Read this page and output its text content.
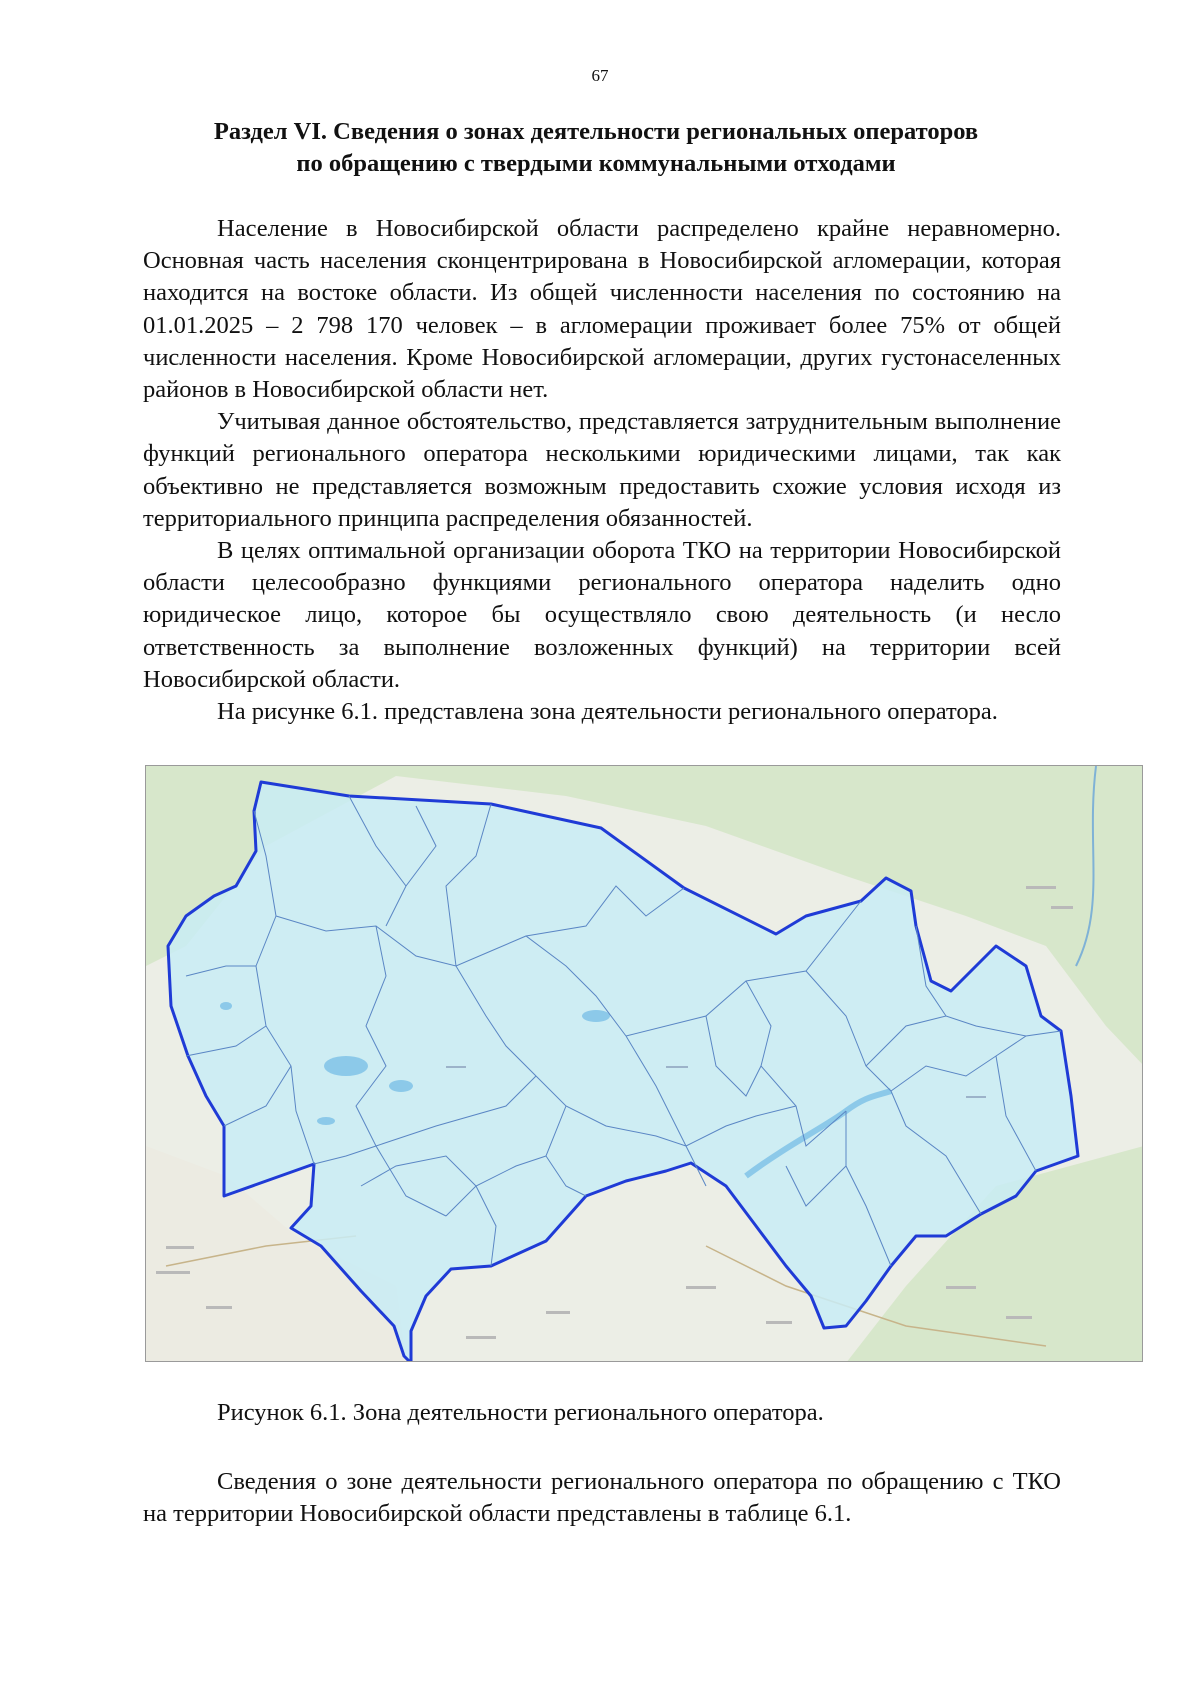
67
Раздел VI. Сведения о зонах деятельности региональных операторов
по обращению с твердыми коммунальными отходами

Население в Новосибирской области распределено крайне неравномерно. Основная часть населения сконцентрирована в Новосибирской агломерации, которая находится на востоке области. Из общей численности населения по состоянию на 01.01.2025 – 2 798 170 человек – в агломерации проживает более 75% от общей численности населения. Кроме Новосибирской агломерации, других густонаселенных районов в Новосибирской области нет.

Учитывая данное обстоятельство, представляется затруднительным выполнение функций регионального оператора несколькими юридическими лицами, так как объективно не представляется возможным предоставить схожие условия исходя из территориального принципа распределения обязанностей.

В целях оптимальной организации оборота ТКО на территории Новосибирской области целесообразно функциями регионального оператора наделить одно юридическое лицо, которое бы осуществляло свою деятельность (и несло ответственность за выполнение возложенных функций) на территории всей Новосибирской области.

На рисунке 6.1. представлена зона деятельности регионального оператора.

Рисунок 6.1. Зона деятельности регионального оператора.

Сведения о зоне деятельности регионального оператора по обращению с ТКО на территории Новосибирской области представлены в таблице 6.1.
